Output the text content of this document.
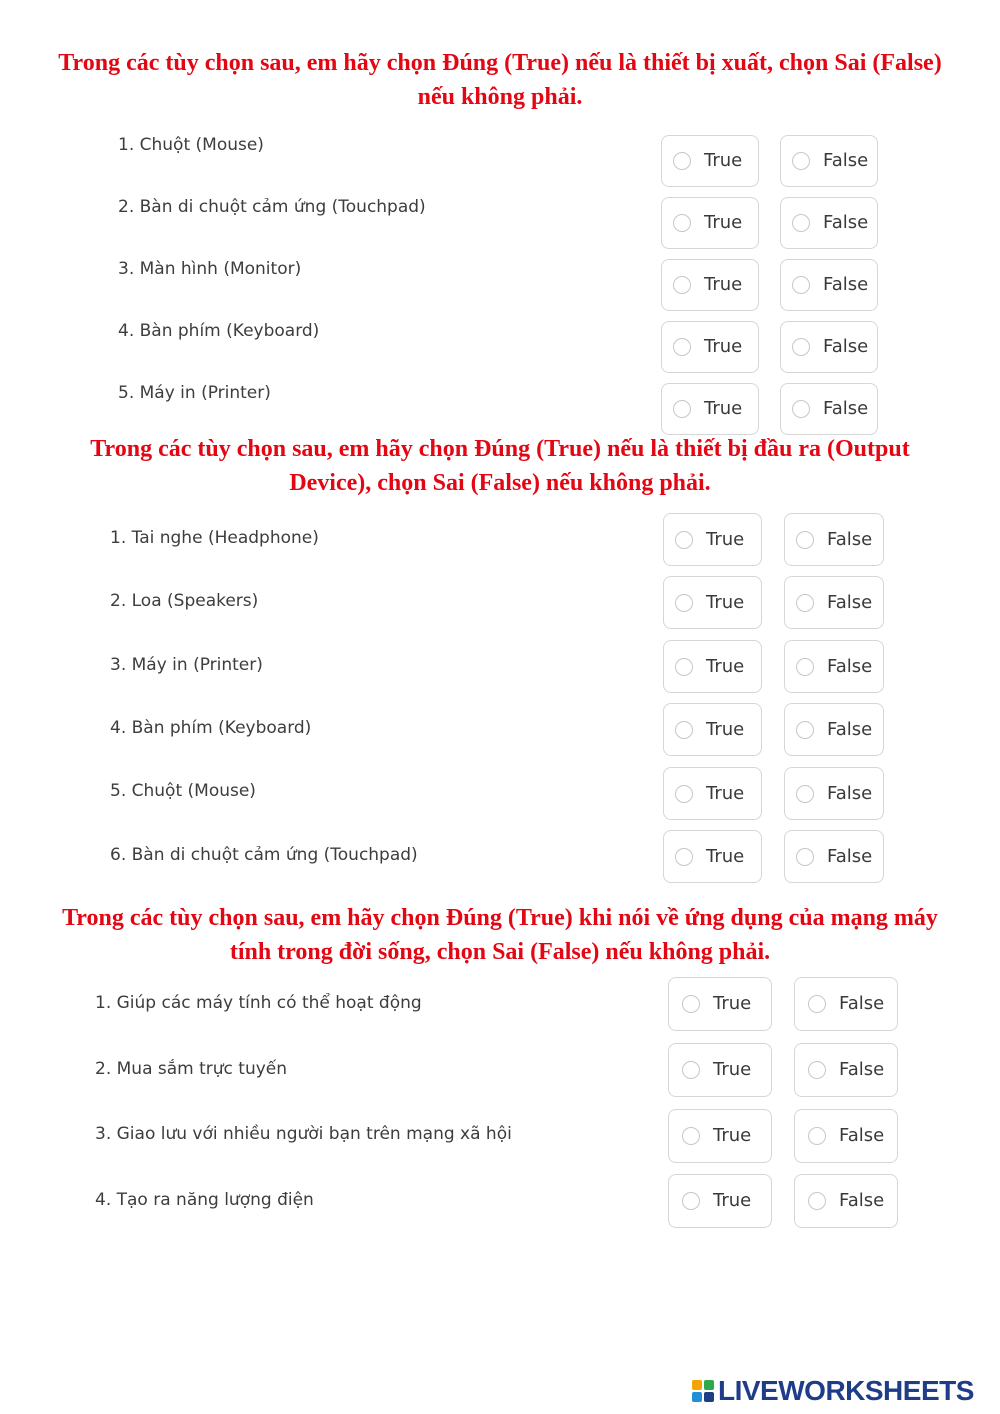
Trong các tùy chọn sau, em hãy chọn Đúng (True) nếu là thiết bị xuất, chọn Sai (False) nếu không phải.
1. Chuột (Mouse)
True	False
2. Bàn di chuột cảm ứng (Touchpad)
True	False
3. Màn hình (Monitor)
True	False
4. Bàn phím (Keyboard)
True	False
5. Máy in (Printer)
True	False
Trong các tùy chọn sau, em hãy chọn Đúng (True) nếu là thiết bị đầu ra (Output Device), chọn Sai (False) nếu không phải.
1. Tai nghe (Headphone)	True	False
2. Loa (Speakers)	True	False
3. Máy in (Printer)	True	False
4. Bàn phím (Keyboard)	True	False
5. Chuột (Mouse)	True	False
6. Bàn di chuột cảm ứng (Touchpad)	True	False
Trong các tùy chọn sau, em hãy chọn Đúng (True) khi nói về ứng dụng của mạng máy tính trong đời sống, chọn Sai (False) nếu không phải.
1. Giúp các máy tính có thể hoạt động	True	False
2. Mua sắm trực tuyến	True	False
3. Giao lưu với nhiều người bạn trên mạng xã hội	True	False
4. Tạo ra năng lượng điện	True	False
LIVEWORKSHEETS
